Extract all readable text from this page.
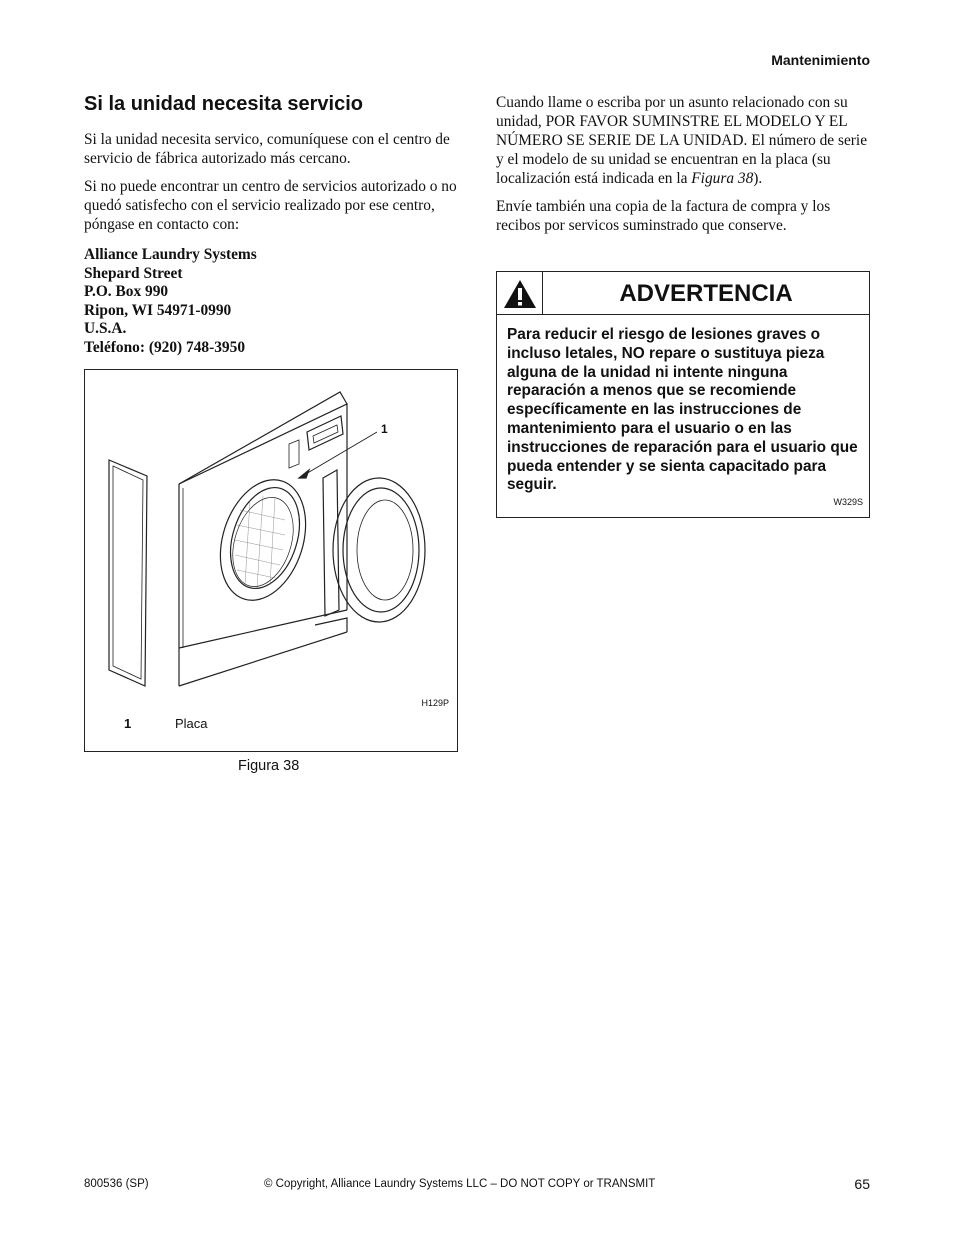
Mantenimiento
Si la unidad necesita servicio

Si la unidad necesita servico, comuníquese con el centro de servicio de fábrica autorizado más cercano.

Si no puede encontrar un centro de servicios autorizado o no quedó satisfecho con el servicio realizado por ese centro, póngase en contacto con:

Alliance Laundry Systems
Shepard Street
P.O. Box 990
Ripon, WI 54971-0990
U.S.A.
Teléfono: (920) 748-3950
1
H129P
1	Placa
Figura 38

Cuando llame o escriba por un asunto relacionado con su unidad, POR FAVOR SUMINSTRE EL MODELO Y EL NÚMERO SE SERIE DE LA UNIDAD. El número de serie y el modelo de su unidad se encuentran en la placa (su localización está indicada en la Figura 38).

Envíe también una copia de la factura de compra y los recibos por servicos suminstrado que conserve.

ADVERTENCIA
Para reducir el riesgo de lesiones graves o incluso letales, NO repare o sustituya pieza alguna de la unidad ni intente ninguna reparación a menos que se recomiende específicamente en las instrucciones de mantenimiento para el usuario o en las instrucciones de reparación para el usuario que pueda entender y se sienta capacitado para seguir.
W329S
800536 (SP)	© Copyright, Alliance Laundry Systems LLC – DO NOT COPY or TRANSMIT	65
